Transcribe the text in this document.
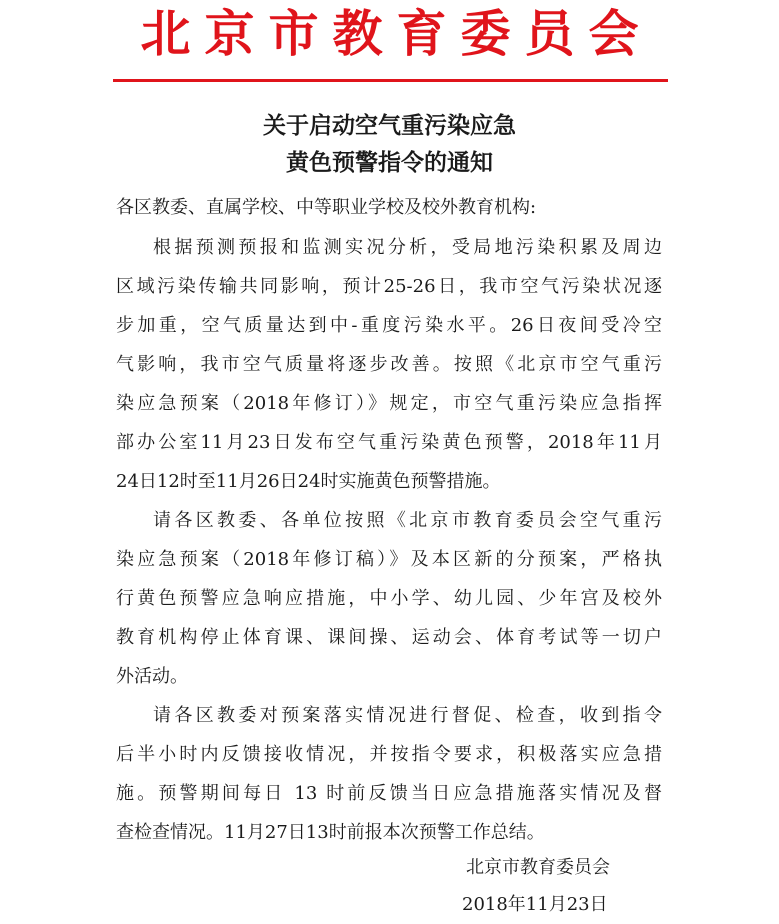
北京市教育委员会
关于启动空气重污染应急
黄色预警指令的通知
各区教委、直属学校、中等职业学校及校外教育机构:
根据预测预报和监测实况分析，受局地污染积累及周边
区域污染传输共同影响，预计25-26日，我市空气污染状况逐
步加重，空气质量达到中-重度污染水平。26日夜间受冷空
气影响，我市空气质量将逐步改善。按照《北京市空气重污
染应急预案（2018年修订）》规定，市空气重污染应急指挥
部办公室11月23日发布空气重污染黄色预警，2018年11月
24日12时至11月26日24时实施黄色预警措施。
请各区教委、各单位按照《北京市教育委员会空气重污
染应急预案（2018年修订稿）》及本区新的分预案，严格执
行黄色预警应急响应措施，中小学、幼儿园、少年宫及校外
教育机构停止体育课、课间操、运动会、体育考试等一切户
外活动。
请各区教委对预案落实情况进行督促、检查，收到指令
后半小时内反馈接收情况，并按指令要求，积极落实应急措
施。预警期间每日 13 时前反馈当日应急措施落实情况及督
查检查情况。11月27日13时前报本次预警工作总结。
北京市教育委员会
2018年11月23日
